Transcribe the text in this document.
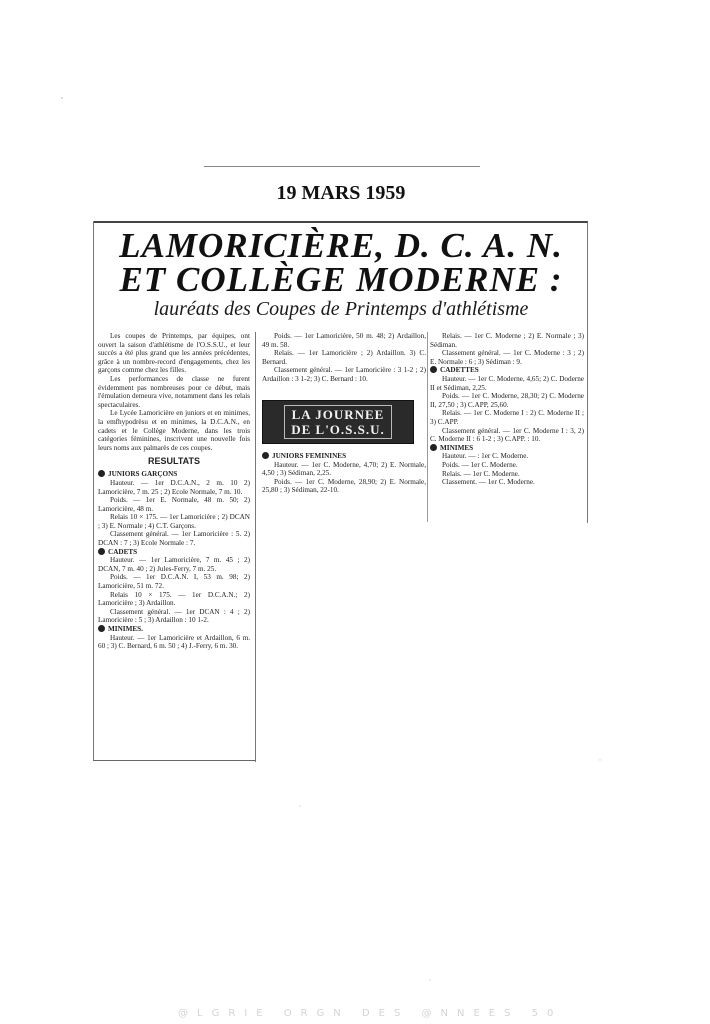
19 MARS 1959
LAMORICIÈRE, D. C. A. N.
ET COLLÈGE MODERNE :
lauréats des Coupes de Printemps d'athlétisme

Les coupes de Printemps, par équipes, ont ouvert la saison d'athlétisme de l'O.S.S.U., et leur succès a été plus grand que les années précédentes, grâce à un nombre-record d'engagements, chez les garçons comme chez les filles.

Les performances de classe ne furent évidemment pas nombreuses pour ce début, mais l'émulation demeura vive, notamment dans les relais spectaculaires.

Le Lycée Lamoricière en juniors et en minimes, la emfhypodrèsu et en minimes, la D.C.A.N., en cadets et le Collège Moderne, dans les trois catégories féminines, inscrivent une nouvelle fois leurs noms aux palmarès de ces coupes.

RESULTATS

JUNIORS GARÇONS

Hauteur. — 1er D.C.A.N., 2 m. 10 2) Lamoricière, 7 m. 25 ; 2) Ecole Normale, 7 m. 10.

Poids. — 1er E. Normale, 48 m. 50; 2) Lamoricière, 48 m.

Relais 10 × 175. — 1er Lamoricière ; 2) DCAN ; 3) E. Normale ; 4) C.T. Garçons.

Classement général. — 1er Lamoricière : 5. 2) DCAN : 7 ; 3) Ecole Normale : 7.

CADETS

Hauteur. — 1er Lamoricière, 7 m. 45 ; 2) DCAN, 7 m. 40 ; 2) Jules-Ferry, 7 m. 25.

Poids. — 1er D.C.A.N. I, 53 m. 98; 2) Lamoricière, 51 m. 72.

Relais 10 × 175. — 1er D.C.A.N.; 2) Lamoricière ; 3) Ardaillon.

Classement général. — 1er DCAN : 4 ; 2) Lamoricière : 5 ; 3) Ardaillon : 10 1-2.

MINIMES.

Hauteur. — 1er Lamoricière et Ardaillon, 6 m. 60 ; 3) C. Bernard, 6 m. 50 ; 4) J.-Ferry, 6 m. 30.

Poids. — 1er Lamoricière, 50 m. 48; 2) Ardaillon, 49 m. 58.

Relais. — 1er Lamoricière ; 2) Ardaillon. 3) C. Bernard.

Classement général. — 1er Lamoricière : 3 1-2 ; 2) Ardaillon : 3 1-2; 3) C. Bernard : 10.

LA JOURNEE
DE L'O.S.S.U.

JUNIORS FEMININES

Hauteur. — 1er C. Moderne, 4,70; 2) E. Normale, 4,50 ; 3) Sédiman, 2,25.

Poids. — 1er C. Moderne, 28,90; 2) E. Normale, 25,80 ; 3) Sédiman, 22-10.

Relais. — 1er C. Moderne ; 2) E. Normale ; 3) Sédiman.

Classement général. — 1er C. Moderne : 3 ; 2) E. Normale : 6 ; 3) Sédiman : 9.

CADETTES

Hauteur. — 1er C. Moderne, 4,65; 2) C. Doderne II et Sédiman, 2,25.

Poids. — 1er C. Moderne, 28,30; 2) C. Moderne II, 27,50 ; 3) C.APP, 25,60.

Relais. — 1er C. Moderne I : 2) C. Moderne II ; 3) C.APP.

Classement général. — 1er C. Moderne I : 3, 2) C. Moderne II : 6 1-2 ; 3) C.APP. : 10.

MINIMES

Hauteur. — : 1er C. Moderne.

Poids. — 1er C. Moderne.

Relais. — 1er C. Moderne.

Classement. — 1er C. Moderne.

@LGRIE ORGN DES @NNEES 50
